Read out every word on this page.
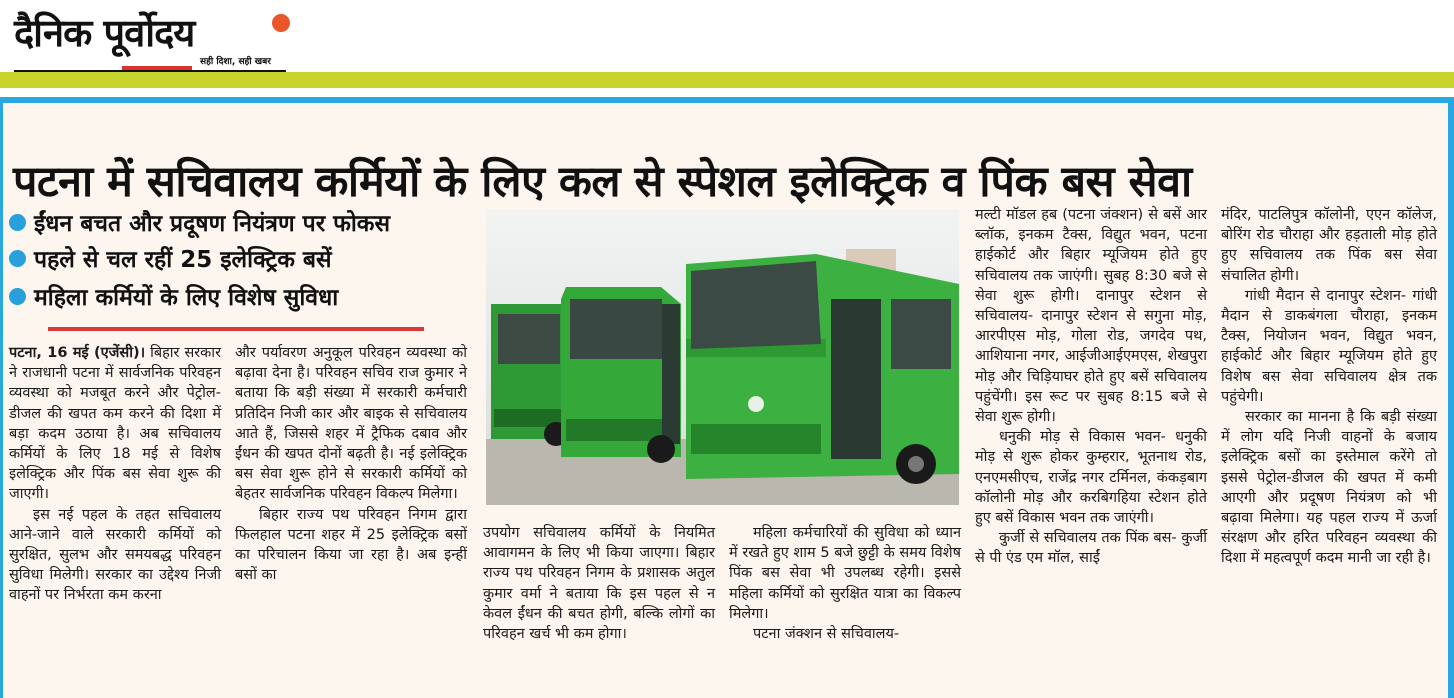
दैनिक पूर्वोदय
सही दिशा, सही खबर
पटना में सचिवालय कर्मियों के लिए कल से स्पेशल इलेक्ट्रिक व पिंक बस सेवा
ईंधन बचत और प्रदूषण नियंत्रण पर फोकस
पहले से चल रहीं 25 इलेक्ट्रिक बसें
महिला कर्मियों के लिए विशेष सुविधा

पटना, 16 मई (एजेंसी)। बिहार सरकार ने राजधानी पटना में सार्वजनिक परिवहन व्यवस्था को मजबूत करने और पेट्रोल-डीजल की खपत कम करने की दिशा में बड़ा कदम उठाया है। अब सचिवालय कर्मियों के लिए 18 मई से विशेष इलेक्ट्रिक और पिंक बस सेवा शुरू की जाएगी।

इस नई पहल के तहत सचिवालय आने-जाने वाले सरकारी कर्मियों को सुरक्षित, सुलभ और समयबद्ध परिवहन सुविधा मिलेगी। सरकार का उद्देश्य निजी वाहनों पर निर्भरता कम करना

और पर्यावरण अनुकूल परिवहन व्यवस्था को बढ़ावा देना है। परिवहन सचिव राज कुमार ने बताया कि बड़ी संख्या में सरकारी कर्मचारी प्रतिदिन निजी कार और बाइक से सचिवालय आते हैं, जिससे शहर में ट्रैफिक दबाव और ईंधन की खपत दोनों बढ़ती है। नई इलेक्ट्रिक बस सेवा शुरू होने से सरकारी कर्मियों को बेहतर सार्वजनिक परिवहन विकल्प मिलेगा।

बिहार राज्य पथ परिवहन निगम द्वारा फिलहाल पटना शहर में 25 इलेक्ट्रिक बसों का परिचालन किया जा रहा है। अब इन्हीं बसों का

उपयोग सचिवालय कर्मियों के नियमित आवागमन के लिए भी किया जाएगा। बिहार राज्य पथ परिवहन निगम के प्रशासक अतुल कुमार वर्मा ने बताया कि इस पहल से न केवल ईंधन की बचत होगी, बल्कि लोगों का परिवहन खर्च भी कम होगा।

महिला कर्मचारियों की सुविधा को ध्यान में रखते हुए शाम 5 बजे छुट्टी के समय विशेष पिंक बस सेवा भी उपलब्ध रहेगी। इससे महिला कर्मियों को सुरक्षित यात्रा का विकल्प मिलेगा।

पटना जंक्शन से सचिवालय-

मल्टी मॉडल हब (पटना जंक्शन) से बसें आर ब्लॉक, इनकम टैक्स, विद्युत भवन, पटना हाईकोर्ट और बिहार म्यूजियम होते हुए सचिवालय तक जाएंगी। सुबह 8:30 बजे से सेवा शुरू होगी। दानापुर स्टेशन से सचिवालय- दानापुर स्टेशन से सगुना मोड़, आरपीएस मोड़, गोला रोड, जगदेव पथ, आशियाना नगर, आईजीआईएमएस, शेखपुरा मोड़ और चिड़ियाघर होते हुए बसें सचिवालय पहुंचेंगी। इस रूट पर सुबह 8:15 बजे से सेवा शुरू होगी।

धनुकी मोड़ से विकास भवन- धनुकी मोड़ से शुरू होकर कुम्हरार, भूतनाथ रोड, एनएमसीएच, राजेंद्र नगर टर्मिनल, कंकड़बाग कॉलोनी मोड़ और करबिगहिया स्टेशन होते हुए बसें विकास भवन तक जाएंगी।

कुर्जी से सचिवालय तक पिंक बस- कुर्जी से पी एंड एम मॉल, साईं

मंदिर, पाटलिपुत्र कॉलोनी, एएन कॉलेज, बोरिंग रोड चौराहा और हड़ताली मोड़ होते हुए सचिवालय तक पिंक बस सेवा संचालित होगी।

गांधी मैदान से दानापुर स्टेशन- गांधी मैदान से डाकबंगला चौराहा, इनकम टैक्स, नियोजन भवन, विद्युत भवन, हाईकोर्ट और बिहार म्यूजियम होते हुए विशेष बस सेवा सचिवालय क्षेत्र तक पहुंचेगी।

सरकार का मानना है कि बड़ी संख्या में लोग यदि निजी वाहनों के बजाय इलेक्ट्रिक बसों का इस्तेमाल करेंगे तो इससे पेट्रोल-डीजल की खपत में कमी आएगी और प्रदूषण नियंत्रण को भी बढ़ावा मिलेगा। यह पहल राज्य में ऊर्जा संरक्षण और हरित परिवहन व्यवस्था की दिशा में महत्वपूर्ण कदम मानी जा रही है।
